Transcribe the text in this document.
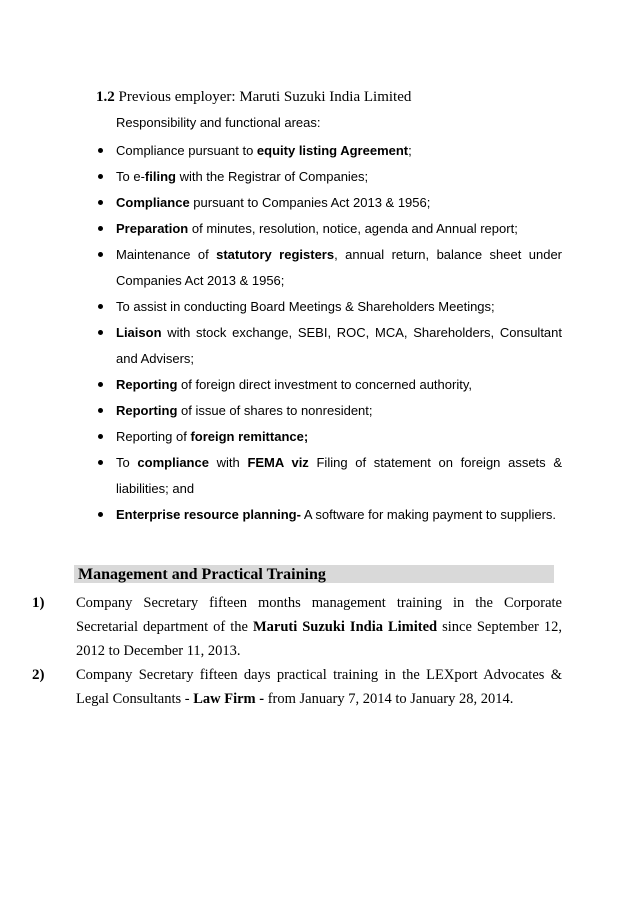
1.2 Previous employer: Maruti Suzuki India Limited
Responsibility and functional areas:
Compliance pursuant to equity listing Agreement;
To e-filing with the Registrar of Companies;
Compliance pursuant to Companies Act 2013 & 1956;
Preparation of minutes, resolution, notice, agenda and Annual report;
Maintenance of statutory registers, annual return, balance sheet under Companies Act 2013 & 1956;
To assist in conducting Board Meetings & Shareholders Meetings;
Liaison with stock exchange, SEBI, ROC, MCA, Shareholders, Consultant and Advisers;
Reporting of foreign direct investment to concerned authority,
Reporting of issue of shares to nonresident;
Reporting of foreign remittance;
To compliance with FEMA viz Filing of statement on foreign assets & liabilities; and
Enterprise resource planning- A software for making payment to suppliers.
Management and Practical Training
1) Company Secretary fifteen months management training in the Corporate Secretarial department of the Maruti Suzuki India Limited since September 12, 2012 to December 11, 2013.
2) Company Secretary fifteen days practical training in the LEXport Advocates & Legal Consultants - Law Firm - from January 7, 2014 to January 28, 2014.
